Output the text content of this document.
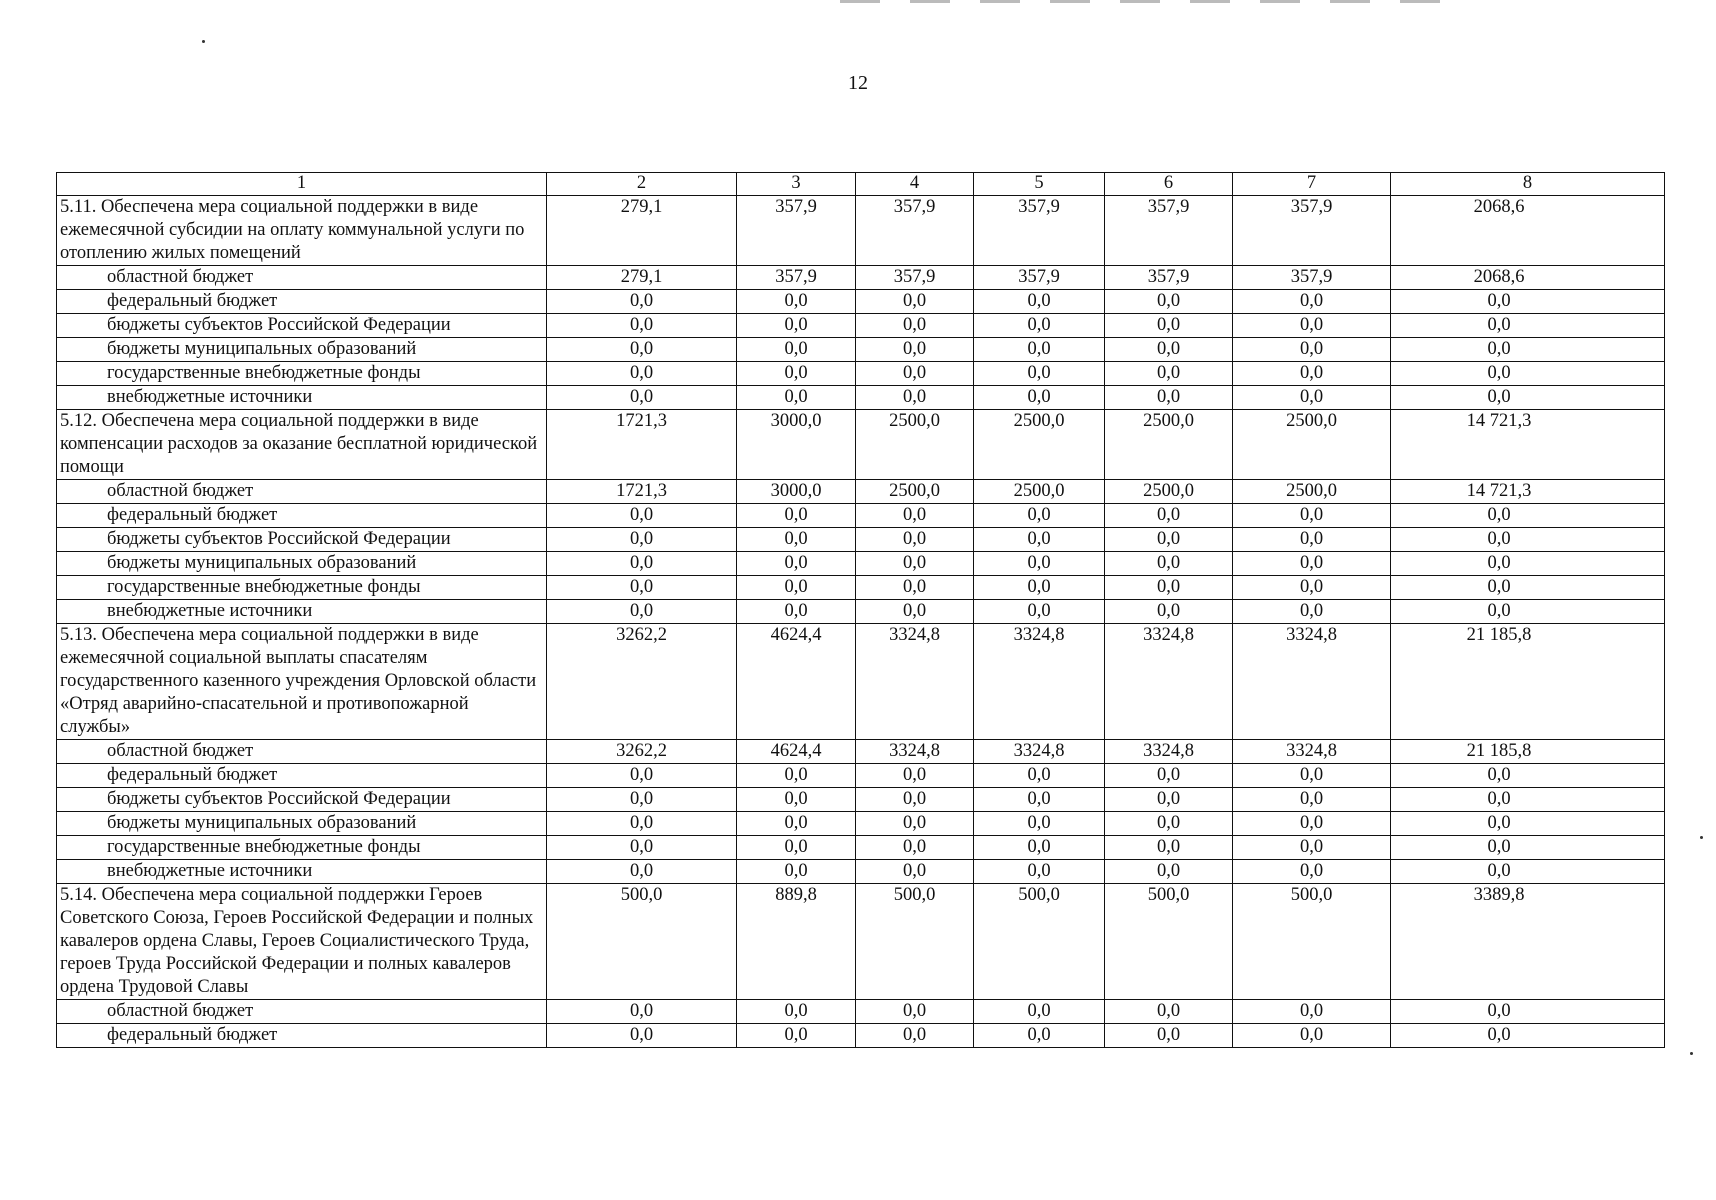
12
1	2	3	4	5	6	7	8
5.11. Обеспечена мера социальной поддержки в виде ежемесячной субсидии на оплату коммунальной услуги по отоплению жилых помещений	279,1	357,9	357,9	357,9	357,9	357,9	2068,6
областной бюджет	279,1	357,9	357,9	357,9	357,9	357,9	2068,6
федеральный бюджет	0,0	0,0	0,0	0,0	0,0	0,0	0,0
бюджеты субъектов Российской Федерации	0,0	0,0	0,0	0,0	0,0	0,0	0,0
бюджеты муниципальных образований	0,0	0,0	0,0	0,0	0,0	0,0	0,0
государственные внебюджетные фонды	0,0	0,0	0,0	0,0	0,0	0,0	0,0
внебюджетные источники	0,0	0,0	0,0	0,0	0,0	0,0	0,0
5.12. Обеспечена мера социальной поддержки в виде компенсации расходов за оказание бесплатной юридической помощи	1721,3	3000,0	2500,0	2500,0	2500,0	2500,0	14 721,3
областной бюджет	1721,3	3000,0	2500,0	2500,0	2500,0	2500,0	14 721,3
федеральный бюджет	0,0	0,0	0,0	0,0	0,0	0,0	0,0
бюджеты субъектов Российской Федерации	0,0	0,0	0,0	0,0	0,0	0,0	0,0
бюджеты муниципальных образований	0,0	0,0	0,0	0,0	0,0	0,0	0,0
государственные внебюджетные фонды	0,0	0,0	0,0	0,0	0,0	0,0	0,0
внебюджетные источники	0,0	0,0	0,0	0,0	0,0	0,0	0,0
5.13. Обеспечена мера социальной поддержки в виде ежемесячной социальной выплаты спасателям государственного казенного учреждения Орловской области «Отряд аварийно-спасательной и противопожарной службы»	3262,2	4624,4	3324,8	3324,8	3324,8	3324,8	21 185,8
областной бюджет	3262,2	4624,4	3324,8	3324,8	3324,8	3324,8	21 185,8
федеральный бюджет	0,0	0,0	0,0	0,0	0,0	0,0	0,0
бюджеты субъектов Российской Федерации	0,0	0,0	0,0	0,0	0,0	0,0	0,0
бюджеты муниципальных образований	0,0	0,0	0,0	0,0	0,0	0,0	0,0
государственные внебюджетные фонды	0,0	0,0	0,0	0,0	0,0	0,0	0,0
внебюджетные источники	0,0	0,0	0,0	0,0	0,0	0,0	0,0
5.14. Обеспечена мера социальной поддержки Героев Советского Союза, Героев Российской Федерации и полных кавалеров ордена Славы, Героев Социалистического Труда, героев Труда Российской Федерации и полных кавалеров ордена Трудовой Славы	500,0	889,8	500,0	500,0	500,0	500,0	3389,8
областной бюджет	0,0	0,0	0,0	0,0	0,0	0,0	0,0
федеральный бюджет	0,0	0,0	0,0	0,0	0,0	0,0	0,0
